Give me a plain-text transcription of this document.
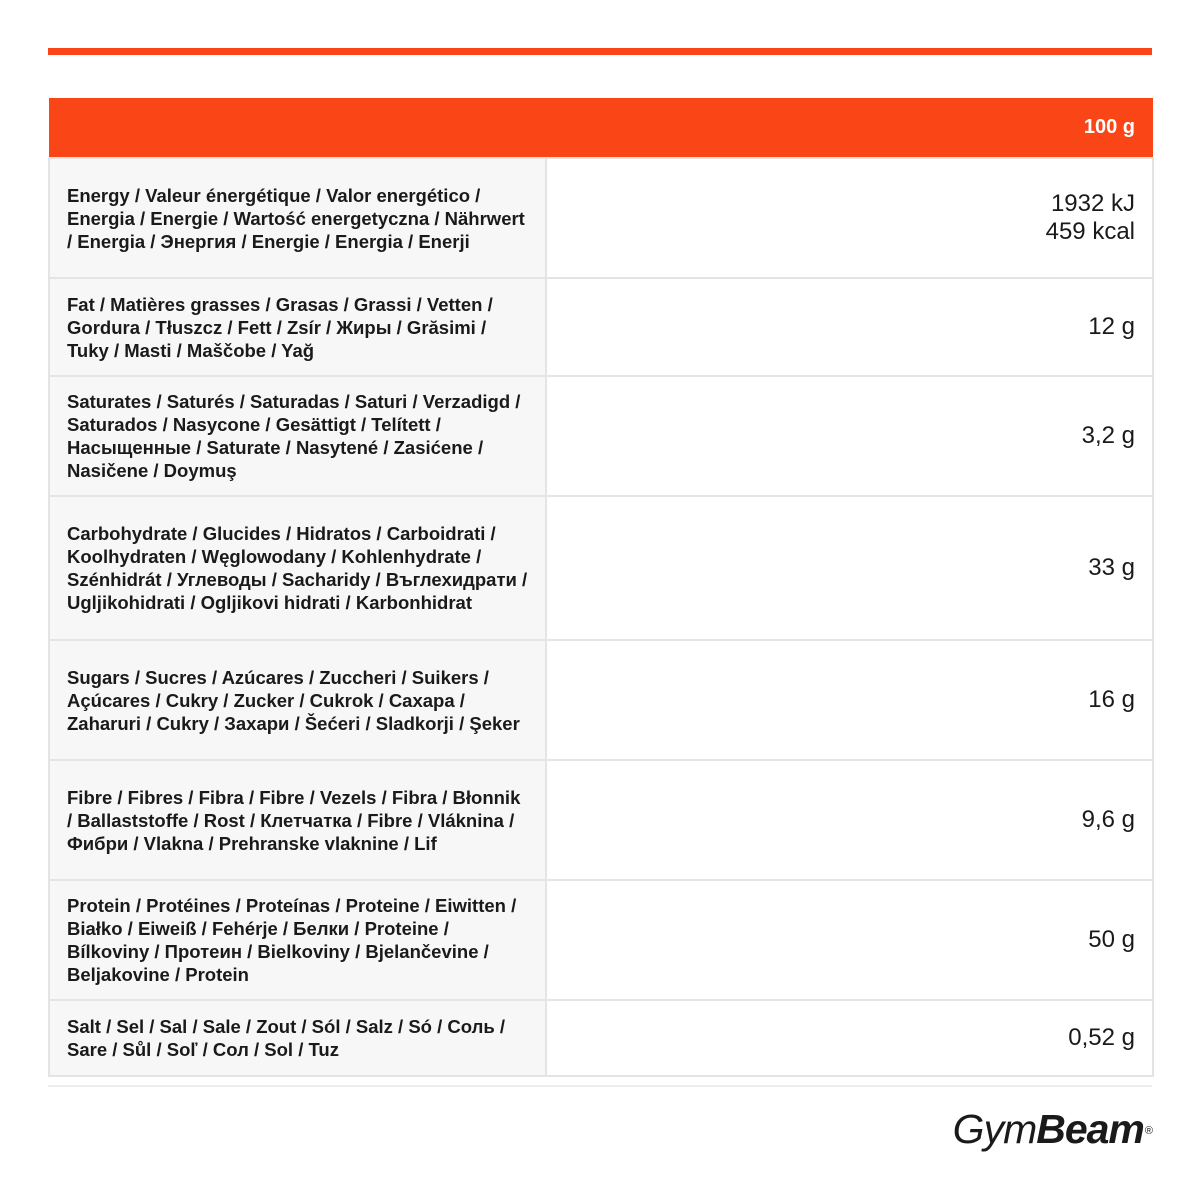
	100 g
Energy / Valeur énergétique / Valor energético / Energia / Energie / Wartość energetyczna / Nährwert / Energia / Энергия / Energie / Energia / Enerji	1932 kJ
459 kcal

Fat / Matières grasses / Grasas / Grassi / Vetten / Gordura / Tłuszcz / Fett / Zsír / Жиры / Grăsimi / Tuky / Masti / Maščobe / Yağ	12 g

Saturates / Saturés / Saturadas / Saturi / Verzadigd / Saturados / Nasycone / Gesättigt / Telített / Насыщенные / Saturate / Nasytené / Zasićene / Nasičene / Doymuş	3,2 g

Carbohydrate / Glucides / Hidratos / Carboidrati / Koolhydraten / Węglowodany / Kohlenhydrate / Szénhidrát / Углеводы / Sacharidy / Въглехидрати / Ugljikohidrati / Ogljikovi hidrati / Karbonhidrat	33 g

Sugars / Sucres / Azúcares / Zuccheri / Suikers / Açúcares / Cukry / Zucker / Cukrok / Caxapa / Zaharuri / Cukry / Захари / Šećeri / Sladkorji / Şeker	16 g

Fibre / Fibres / Fibra / Fibre / Vezels / Fibra / Błonnik / Ballaststoffe / Rost / Клетчатка / Fibre / Vláknina / Фибри / Vlakna / Prehranske vlaknine / Lif	9,6 g

Protein / Protéines / Proteínas / Proteine / Eiwitten / Białko / Eiweiß / Fehérje / Белки / Proteine / Bílkoviny / Протеин / Bielkoviny / Bjelančevine / Beljakovine / Protein	50 g

Salt / Sel / Sal / Sale / Zout / Sól / Salz / Só / Соль / Sare / Sůl / Soľ / Сол / Sol / Tuz	0,52 g
GymBeam®
